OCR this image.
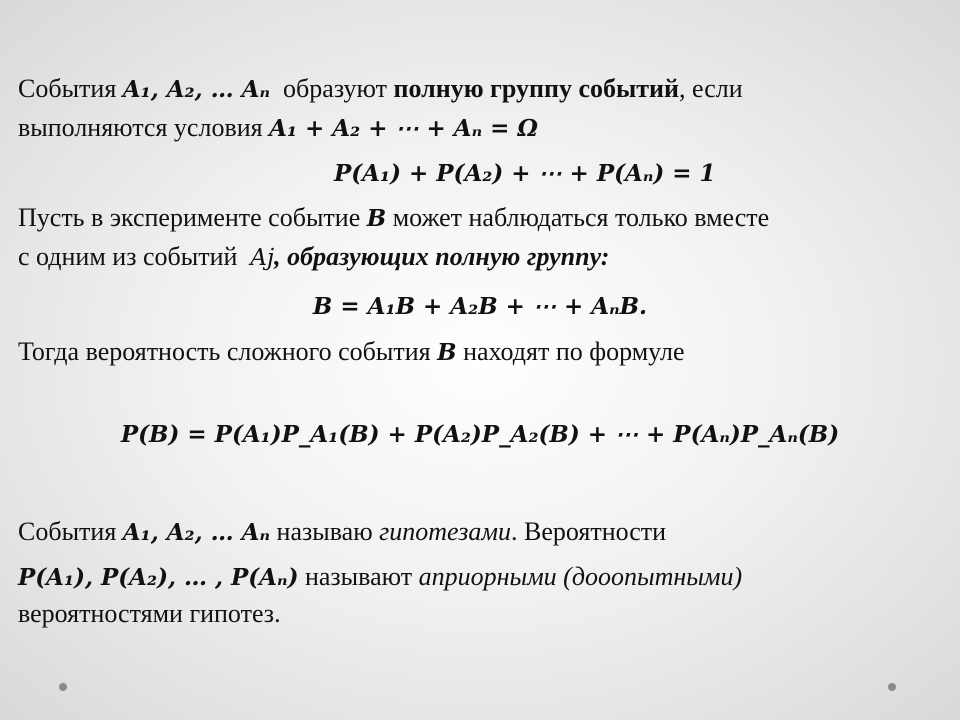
События A₁, A₂, … Aₙ образуют полную группу событий, если
выполняются условия A₁ + A₂ + ⋯ + Aₙ = Ω
P(A₁) + P(A₂) + ⋯ + P(Aₙ) = 1
Пусть в эксперименте событие B может наблюдаться только вместе
с одним из событий Aj, образующих полную группу:
B = A₁B + A₂B + ⋯ + AₙB.
Тогда вероятность сложного события B находят по формуле
P(B) = P(A₁)P_A₁(B) + P(A₂)P_A₂(B) + ⋯ + P(Aₙ)P_Aₙ(B)
События A₁, A₂, … Aₙ называю гипотезами. Вероятности
P(A₁), P(A₂), … , P(Aₙ) называют априорными (дооопытными)
вероятностями гипотез.
